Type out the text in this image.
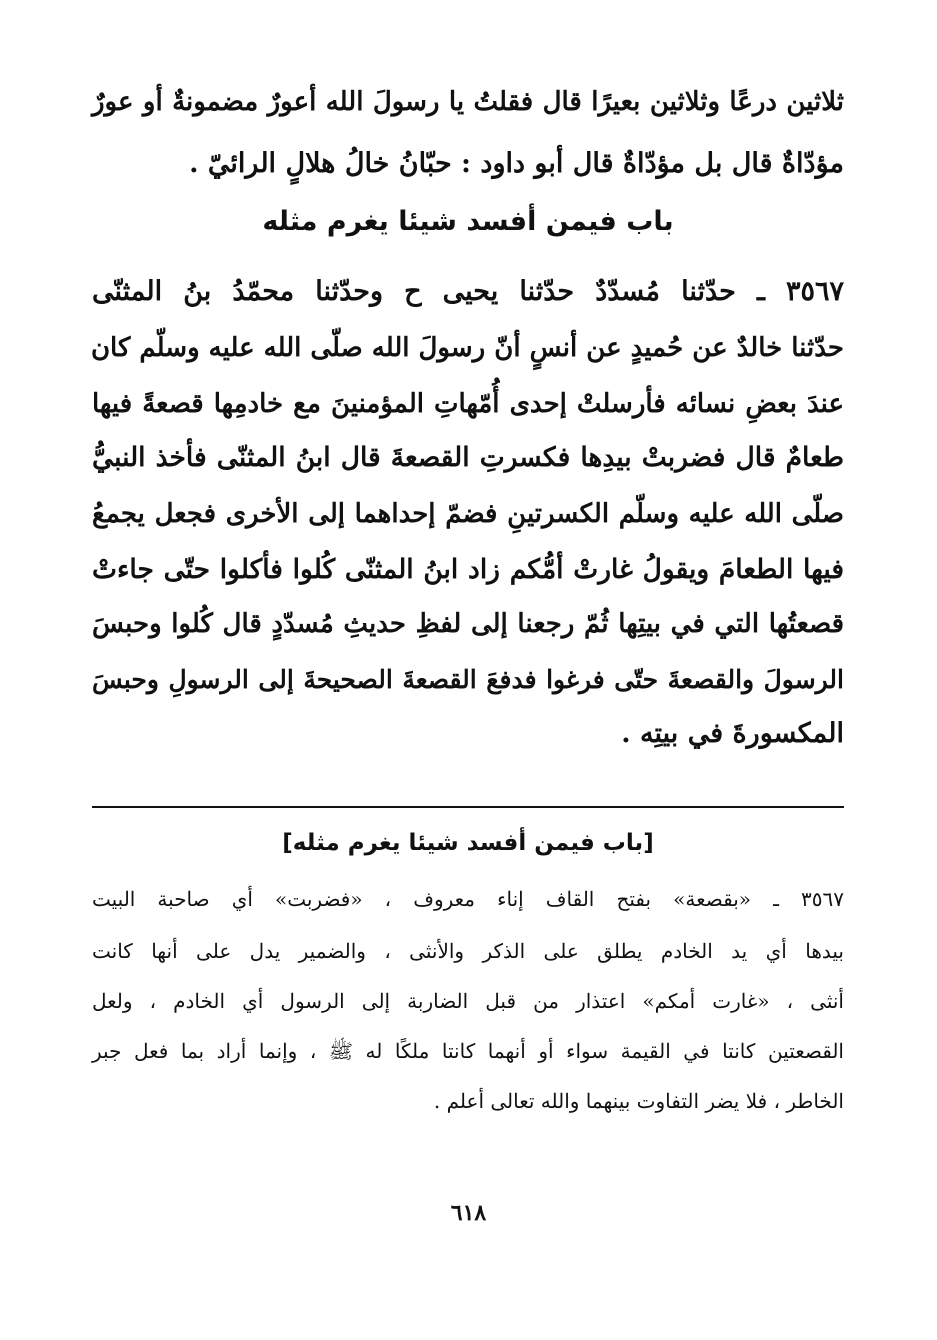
ثلاثين درعًا وثلاثين بعيرًا قال فقلتُ يا رسولَ الله أعورٌ مضمونةٌ أو عورٌ
مؤدّاةٌ قال بل مؤدّاةٌ قال أبو داود : حبّانُ خالُ هلالٍ الرائيّ .
باب فيمن أفسد شيئا يغرم مثله
٣٥٦٧ ـ حدّثنا مُسدّدٌ حدّثنا يحيى ح وحدّثنا محمّدُ بنُ المثنّى
حدّثنا خالدٌ عن حُميدٍ عن أنسٍ أنّ رسولَ الله صلّى الله عليه وسلّم كان
عندَ بعضِ نسائه فأرسلتْ إحدى أُمّهاتِ المؤمنينَ مع خادمِها قصعةً فيها
طعامٌ قال فضربتْ بيدِها فكسرتِ القصعةَ قال ابنُ المثنّى فأخذ النبيُّ
صلّى الله عليه وسلّم الكسرتينِ فضمّ إحداهما إلى الأخرى فجعل يجمعُ
فيها الطعامَ ويقولُ غارتْ أمُّكم زاد ابنُ المثنّى كُلوا فأكلوا حتّى جاءتْ
قصعتُها التي في بيتِها ثُمّ رجعنا إلى لفظِ حديثِ مُسدّدٍ قال كُلوا وحبسَ
الرسولَ والقصعةَ حتّى فرغوا فدفعَ القصعةَ الصحيحةَ إلى الرسولِ وحبسَ
المكسورةَ في بيتِه .
[باب فيمن أفسد شيئا يغرم مثله]
٣٥٦٧ ـ «بقصعة» بفتح القاف إناء معروف ، «فضربت» أي صاحبة البيت
بيدها أي يد الخادم يطلق على الذكر والأنثى ، والضمير يدل على أنها كانت
أنثى ، «غارت أمكم» اعتذار من قبل الضاربة إلى الرسول أي الخادم ، ولعل
القصعتين كانتا في القيمة سواء أو أنهما كانتا ملكًا له ﷺ ، وإنما أراد بما فعل جبر
الخاطر ، فلا يضر التفاوت بينهما والله تعالى أعلم .
٦١٨
